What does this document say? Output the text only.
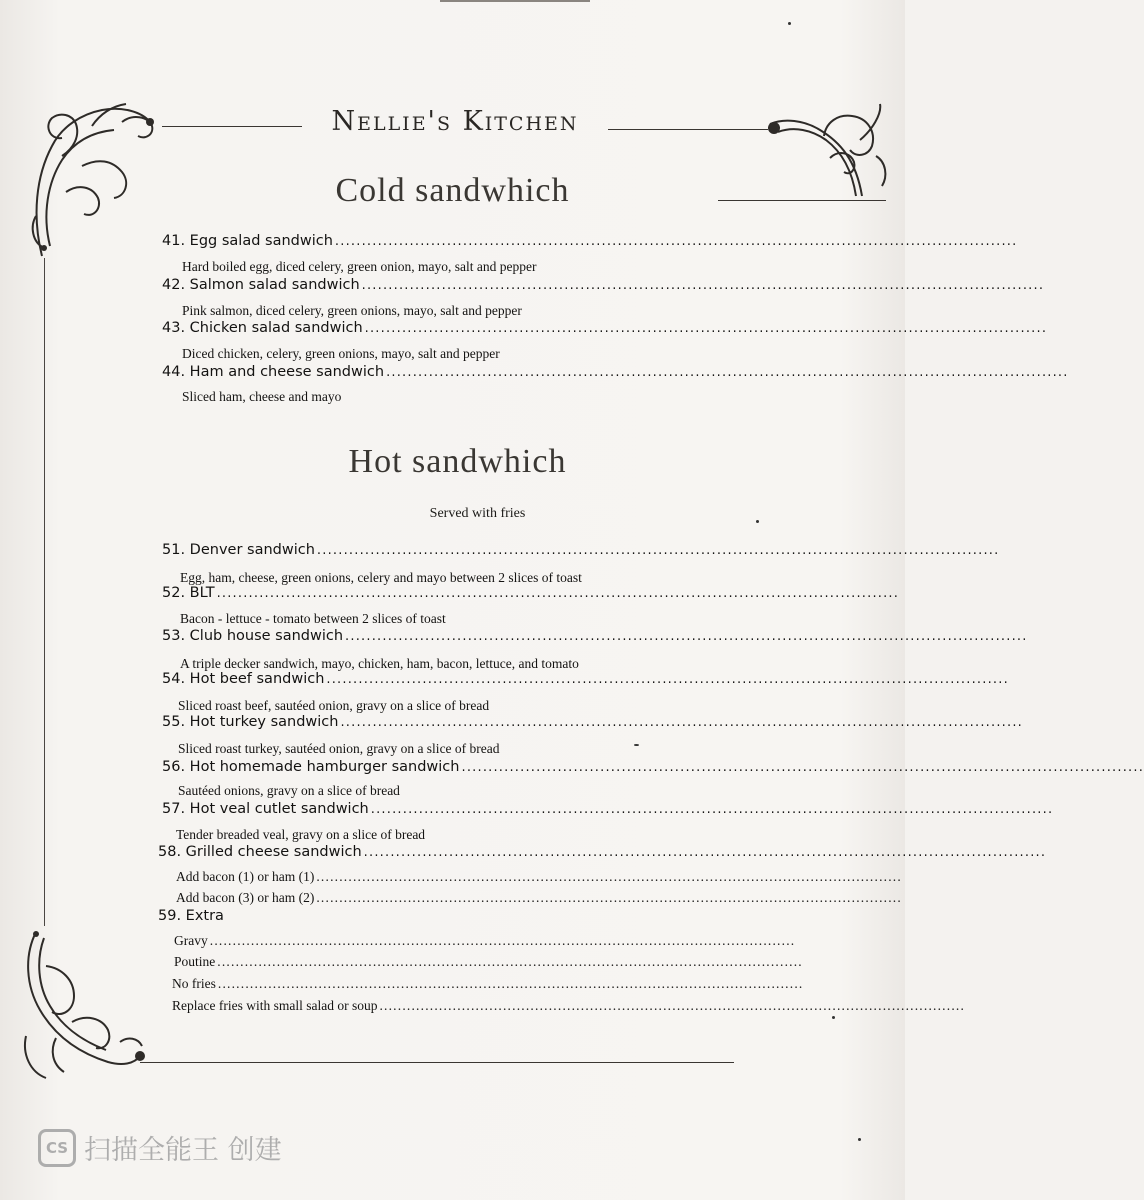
Nellie's Kitchen
Cold sandwhich
41. Egg salad sandwich ................................................................................................................................
Hard boiled egg, diced celery, green onion, mayo, salt and pepper
42. Salmon salad sandwich ................................................................................................................................
Pink salmon, diced celery, green onions, mayo, salt and pepper
43. Chicken salad sandwich ................................................................................................................................
Diced chicken, celery, green onions, mayo, salt and pepper
44. Ham and cheese sandwich ................................................................................................................................
Sliced ham, cheese and mayo
Hot sandwhich
Served with fries
51. Denver sandwich ................................................................................................................................
Egg, ham, cheese, green onions, celery and mayo between 2 slices of toast
52. BLT ................................................................................................................................
Bacon - lettuce - tomato between 2 slices of toast
53. Club house sandwich ................................................................................................................................
A triple decker sandwich, mayo, chicken, ham, bacon, lettuce, and tomato
54. Hot beef sandwich ................................................................................................................................
Sliced roast beef, sautéed onion, gravy on a slice of bread
55. Hot turkey sandwich ................................................................................................................................
Sliced roast turkey, sautéed onion, gravy on a slice of bread
56. Hot homemade hamburger sandwich ................................................................................................................................
Sautéed onions, gravy on a slice of bread
57. Hot veal cutlet sandwich ................................................................................................................................
Tender breaded veal, gravy on a slice of bread
58. Grilled cheese sandwich ................................................................................................................................
Add bacon (1) or ham (1) ................................................................................................................................
Add bacon (3) or ham (2) ................................................................................................................................
59. Extra
Gravy ................................................................................................................................
Poutine ................................................................................................................................
No fries ................................................................................................................................
Replace fries with small salad or soup ................................................................................................................................
CS 扫描全能王 创建
